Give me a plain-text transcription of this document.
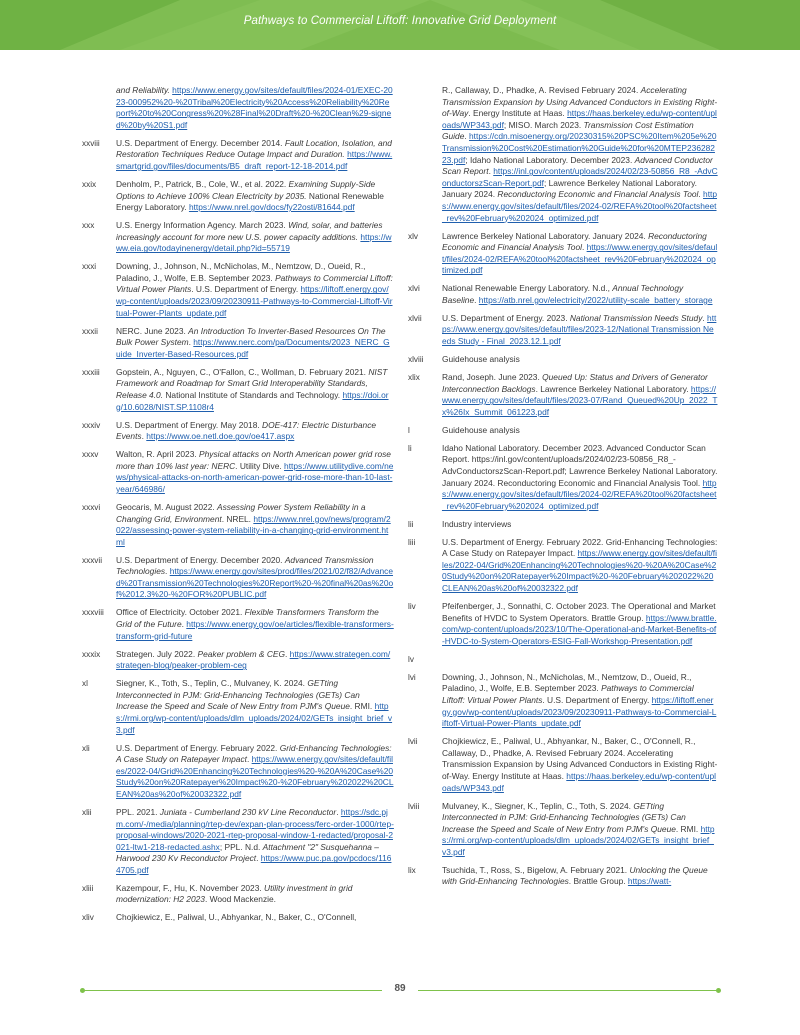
Pathways to Commercial Liftoff: Innovative Grid Deployment
and Reliability. https://www.energy.gov/sites/default/files/2024-01/EXEC-2023-000952%20-%20Tribal%20Electricity%20Access%20Reliability%20Report%20to%20Congress%20%28Final%20Draft%20-%20Clean%29-signed%20by%20S1.pdf
xxviii	U.S. Department of Energy. December 2014. Fault Location, Isolation, and Restoration Techniques Reduce Outage Impact and Duration. https://www.smartgrid.gov/files/documents/B5_draft_report-12-18-2014.pdf
xxix	Denholm, P., Patrick, B., Cole, W., et al. 2022. Examining Supply-Side Options to Achieve 100% Clean Electricity by 2035. National Renewable Energy Laboratory. https://www.nrel.gov/docs/fy22osti/81644.pdf
xxx	U.S. Energy Information Agency. March 2023. Wind, solar, and batteries increasingly account for more new U.S. power capacity additions. https://www.eia.gov/todayinenergy/detail.php?id=55719
xxxi	Downing, J., Johnson, N., McNicholas, M., Nemtzow, D., Oueid, R., Paladino, J., Wolfe, E.B. September 2023. Pathways to Commercial Liftoff: Virtual Power Plants. U.S. Department of Energy. https://liftoff.energy.gov/wp-content/uploads/2023/09/20230911-Pathways-to-Commercial-Liftoff-Virtual-Power-Plants_update.pdf
xxxii	NERC. June 2023. An Introduction To Inverter-Based Resources On The Bulk Power System. https://www.nerc.com/pa/Documents/2023_NERC_Guide_Inverter-Based-Resources.pdf
xxxiii	Gopstein, A., Nguyen, C., O'Fallon, C., Wollman, D. February 2021. NIST Framework and Roadmap for Smart Grid Interoperability Standards, Release 4.0. National Institute of Standards and Technology. https://doi.org/10.6028/NIST.SP.1108r4
xxxiv	U.S. Department of Energy. May 2018. DOE-417: Electric Disturbance Events. https://www.oe.netl.doe.gov/oe417.aspx
xxxv	Walton, R. April 2023. Physical attacks on North American power grid rose more than 10% last year: NERC. Utility Dive. https://www.utilitydive.com/news/physical-attacks-on-north-american-power-grid-rose-more-than-10-last-year/646986/
xxxvi	Geocaris, M. August 2022. Assessing Power System Reliability in a Changing Grid, Environment. NREL. https://www.nrel.gov/news/program/2022/assessing-power-system-reliability-in-a-changing-grid-environment.html
xxxvii	U.S. Department of Energy. December 2020. Advanced Transmission Technologies. https://www.energy.gov/sites/prod/files/2021/02/f82/Advanced%20Transmission%20Technologies%20Report%20-%20final%20as%20of%2012.3%20-%20FOR%20PUBLIC.pdf
xxxviii	Office of Electricity. October 2021. Flexible Transformers Transform the Grid of the Future. https://www.energy.gov/oe/articles/flexible-transformers-transform-grid-future
xxxix	Strategen. July 2022. Peaker problem & CEG. https://www.strategen.com/strategen-blog/peaker-problem-ceg
xl	Siegner, K., Toth, S., Teplin, C., Mulvaney, K. 2024. GETting Interconnected in PJM: Grid-Enhancing Technologies (GETs) Can Increase the Speed and Scale of New Entry from PJM's Queue. RMI. https://rmi.org/wp-content/uploads/dlm_uploads/2024/02/GETs_insight_brief_v3.pdf
xli	U.S. Department of Energy. February 2022. Grid-Enhancing Technologies: A Case Study on Ratepayer Impact. https://www.energy.gov/sites/default/files/2022-04/Grid%20Enhancing%20Technologies%20-%20A%20Case%20Study%20on%20Ratepayer%20Impact%20-%20February%202022%20CLEAN%20as%20of%20032322.pdf
xlii	PPL. 2021. Juniata - Cumberland 230 kV Line Reconductor. https://sdc.pjm.com/-/media/planning/rtep-dev/expan-plan-process/ferc-order-1000/rtep-proposal-windows/2020-2021-rtep-proposal-window-1-redacted/proposal-2021-ltw1-218-redacted.ashx; PPL. N.d. Attachment "2" Susquehanna – Harwood 230 Kv Reconductor Project. https://www.puc.pa.gov/pcdocs/1164705.pdf
xliii	Kazempour, F., Hu, K. November 2023. Utility investment in grid modernization: H2 2023. Wood Mackenzie.
xliv	Chojkiewicz, E., Paliwal, U., Abhyankar, N., Baker, C., O'Connell,
R., Callaway, D., Phadke, A. Revised February 2024. Accelerating Transmission Expansion by Using Advanced Conductors in Existing Right-of-Way. Energy Institute at Haas. https://haas.berkeley.edu/wp-content/uploads/WP343.pdf; MISO. March 2023. Transmission Cost Estimation Guide. https://cdn.misoenergy.org/20230315%20PSC%20Item%205e%20Transmission%20Cost%20Estimation%20Guide%20for%20MTEP23628223.pdf; Idaho National Laboratory. December 2023. Advanced Conductor Scan Report. https://inl.gov/content/uploads/2024/02/23-50856_R8_-AdvConductorszScan-Report.pdf; Lawrence Berkeley National Laboratory. January 2024. Reconductoring Economic and Financial Analysis Tool. https://www.energy.gov/sites/default/files/2024-02/REFA%20tool%20factsheet_rev%20February%202024_optimized.pdf
xlv	Lawrence Berkeley National Laboratory. January 2024. Reconductoring Economic and Financial Analysis Tool. https://www.energy.gov/sites/default/files/2024-02/REFA%20tool%20factsheet_rev%20February%202024_optimized.pdf
xlvi	National Renewable Energy Laboratory. N.d., Annual Technology Baseline. https://atb.nrel.gov/electricity/2022/utility-scale_battery_storage
xlvii	U.S. Department of Energy. 2023. National Transmission Needs Study. https://www.energy.gov/sites/default/files/2023-12/National Transmission Needs Study - Final_2023.12.1.pdf
xlviii	Guidehouse analysis
xlix	Rand, Joseph. June 2023. Queued Up: Status and Drivers of Generator Interconnection Backlogs. Lawrence Berkeley National Laboratory. https://www.energy.gov/sites/default/files/2023-07/Rand_Queued%20Up_2022_Tx%26Ix_Summit_061223.pdf
l	Guidehouse analysis
li	Idaho National Laboratory. December 2023. Advanced Conductor Scan Report. https://inl.gov/content/uploads/2024/02/23-50856_R8_-AdvConductorszScan-Report.pdf; Lawrence Berkeley National Laboratory. January 2024. Reconductoring Economic and Financial Analysis Tool. https://www.energy.gov/sites/default/files/2024-02/REFA%20tool%20factsheet_rev%20February%202024_optimized.pdf
lii	Industry interviews
liii	U.S. Department of Energy. February 2022. Grid-Enhancing Technologies: A Case Study on Ratepayer Impact. https://www.energy.gov/sites/default/files/2022-04/Grid%20Enhancing%20Technologies%20-%20A%20Case%20Study%20on%20Ratepayer%20Impact%20-%20February%202022%20CLEAN%20as%20of%20032322.pdf
liv	Pfeifenberger, J., Sonnathi, C. October 2023. The Operational and Market Benefits of HVDC to System Operators. Brattle Group. https://www.brattle.com/wp-content/uploads/2023/10/The-Operational-and-Market-Benefits-of-HVDC-to-System-Operators-ESIG-Fall-Workshop-Presentation.pdf
lv
lvi	Downing, J., Johnson, N., McNicholas, M., Nemtzow, D., Oueid, R., Paladino, J., Wolfe, E.B. September 2023. Pathways to Commercial Liftoff: Virtual Power Plants. U.S. Department of Energy. https://liftoff.energy.gov/wp-content/uploads/2023/09/20230911-Pathways-to-Commercial-Liftoff-Virtual-Power-Plants_update.pdf
lvii	Chojkiewicz, E., Paliwal, U., Abhyankar, N., Baker, C., O'Connell, R., Callaway, D., Phadke, A. Revised February 2024. Accelerating Transmission Expansion by Using Advanced Conductors in Existing Right-of-Way. Energy Institute at Haas. https://haas.berkeley.edu/wp-content/uploads/WP343.pdf
lviii	Mulvaney, K., Siegner, K., Teplin, C., Toth, S. 2024. GETting Interconnected in PJM: Grid-Enhancing Technologies (GETs) Can Increase the Speed and Scale of New Entry from PJM's Queue. RMI. https://rmi.org/wp-content/uploads/dlm_uploads/2024/02/GETs_insight_brief_v3.pdf
lix	Tsuchida, T., Ross, S., Bigelow, A. February 2021. Unlocking the Queue with Grid-Enhancing Technologies. Brattle Group. https://watt-
89
